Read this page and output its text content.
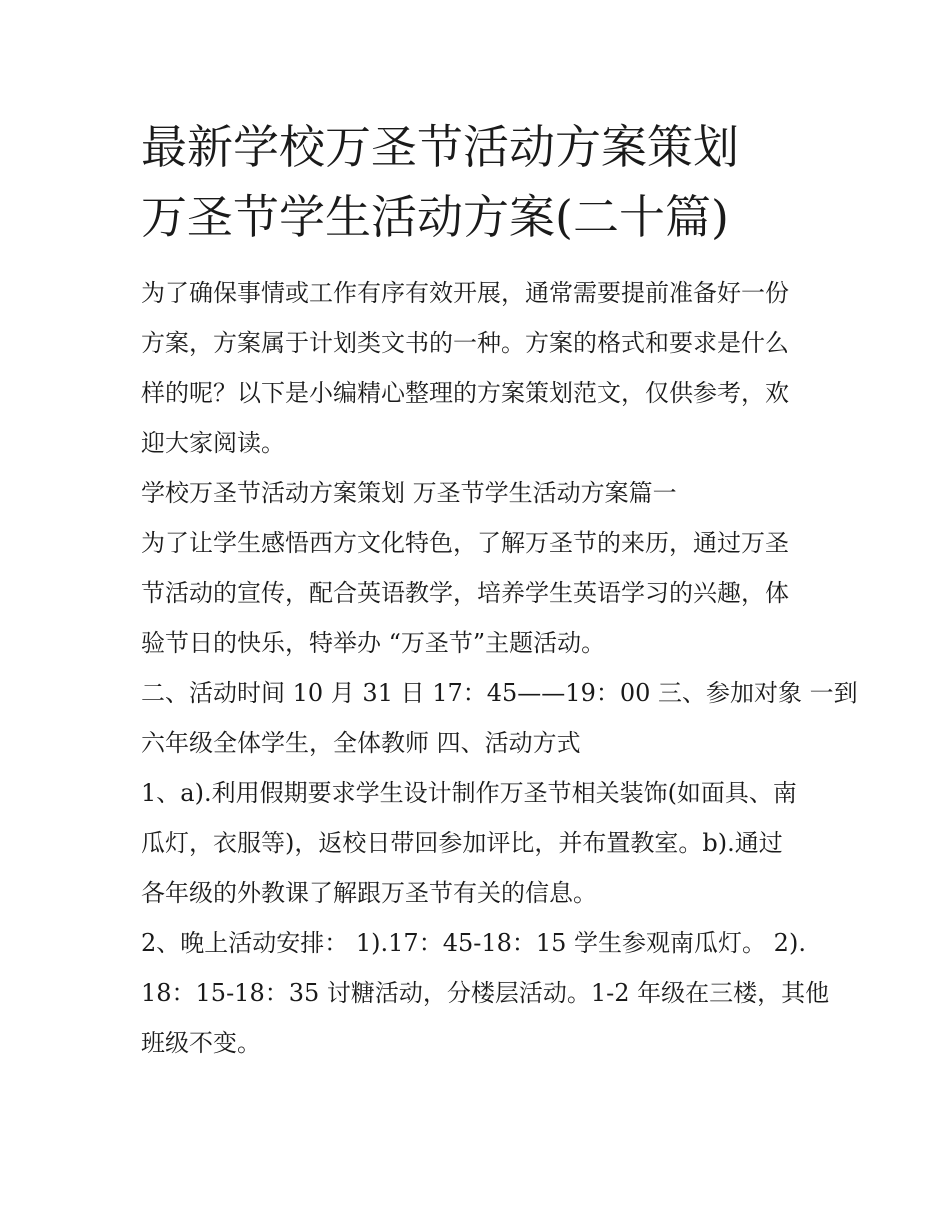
最新学校万圣节活动方案策划
万圣节学生活动方案(二十篇)

为了确保事情或工作有序有效开展，通常需要提前准备好一份
方案，方案属于计划类文书的一种。方案的格式和要求是什么
样的呢？以下是小编精心整理的方案策划范文，仅供参考，欢
迎大家阅读。

学校万圣节活动方案策划 万圣节学生活动方案篇一

为了让学生感悟西方文化特色，了解万圣节的来历，通过万圣
节活动的宣传，配合英语教学，培养学生英语学习的兴趣，体
验节日的快乐，特举办 “万圣节”主题活动。

二、活动时间 10 月 31 日 17：45——19：00 三、参加对象 一到
六年级全体学生，全体教师 四、活动方式

1、a).利用假期要求学生设计制作万圣节相关装饰(如面具、南
瓜灯，衣服等)，返校日带回参加评比，并布置教室。b).通过
各年级的外教课了解跟万圣节有关的信息。

2、晚上活动安排： 1).17：45-18：15 学生参观南瓜灯。 2).
18：15-18：35 讨糖活动，分楼层活动。1-2 年级在三楼，其他
班级不变。
